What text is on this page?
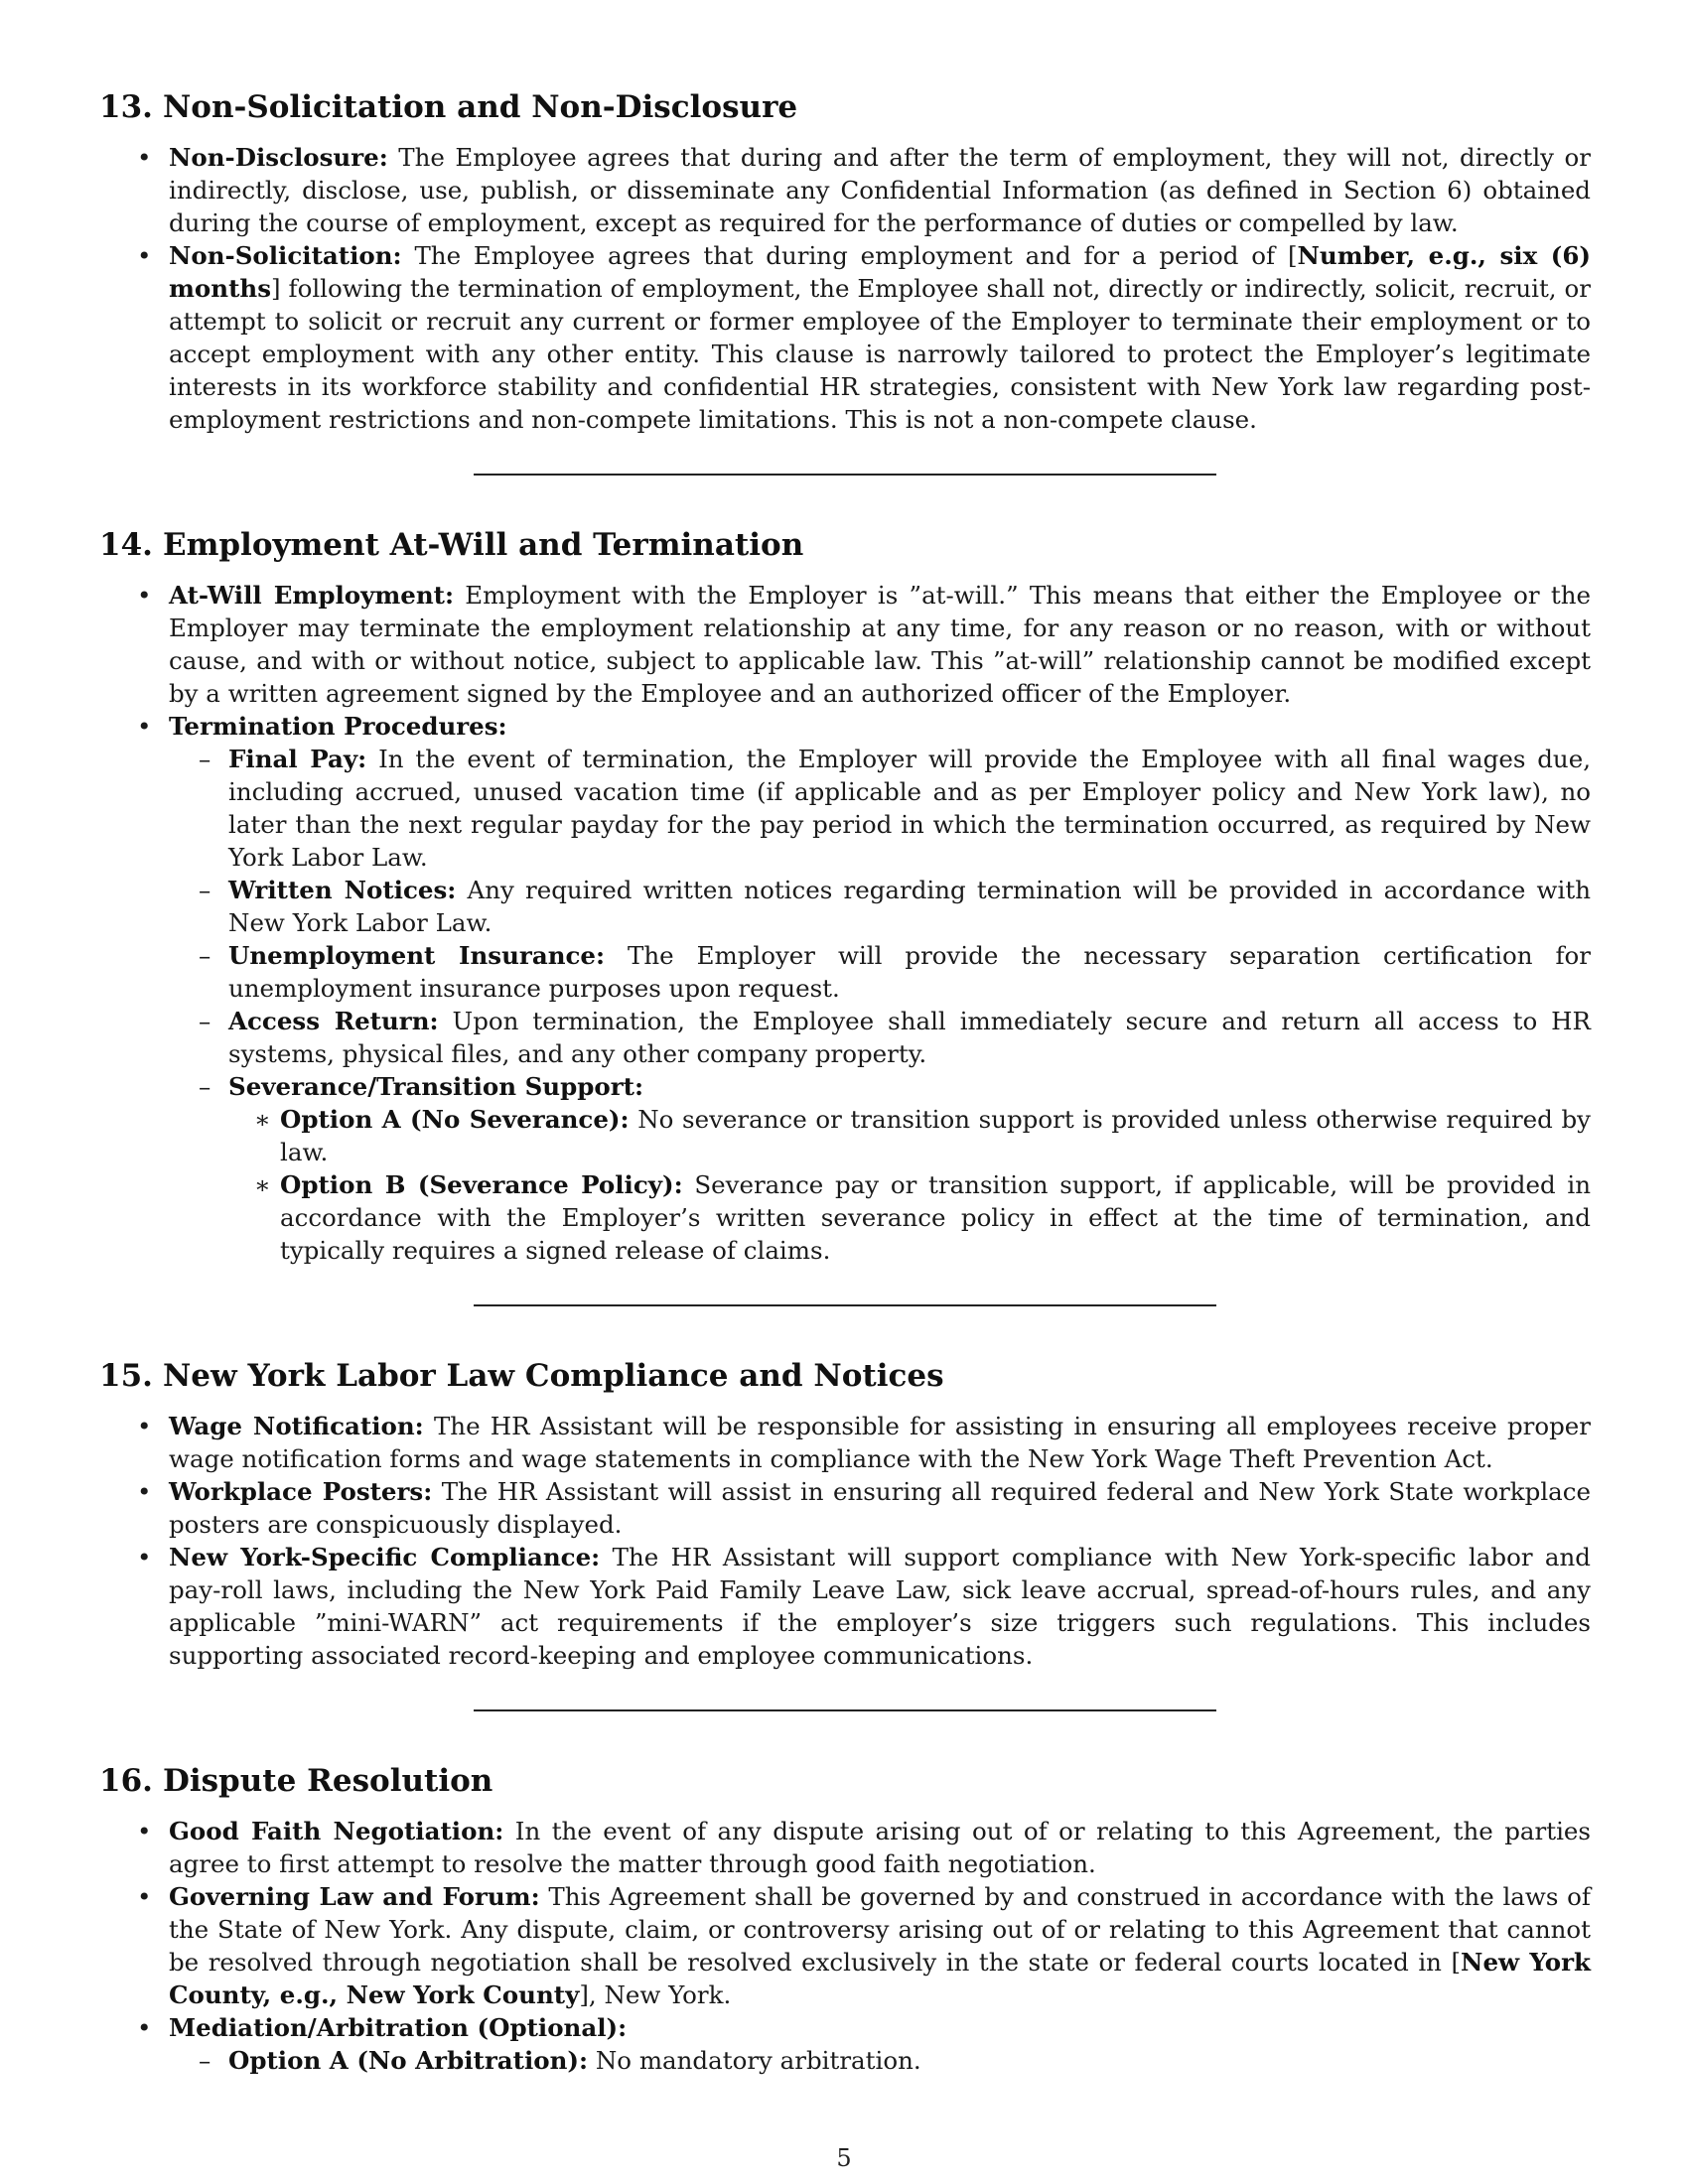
13. Non-Solicitation and Non-Disclosure
• Non-Disclosure: The Employee agrees that during and after the term of employment, they will not, directly or indirectly, disclose, use, publish, or disseminate any Confidential Information (as defined in Section 6) obtained during the course of employment, except as required for the performance of duties or compelled by law.
• Non-Solicitation: The Employee agrees that during employment and for a period of [Number, e.g., six (6) months] following the termination of employment, the Employee shall not, directly or indirectly, solicit, recruit, or attempt to solicit or recruit any current or former employee of the Employer to terminate their employment or to accept employment with any other entity. This clause is narrowly tailored to protect the Employer’s legitimate interests in its workforce stability and confidential HR strategies, consistent with New York law regarding post-employment restrictions and non-compete limitations. This is not a non-compete clause.
14. Employment At-Will and Termination
• At-Will Employment: Employment with the Employer is ”at-will.” This means that either the Employee or the Employer may terminate the employment relationship at any time, for any reason or no reason, with or without cause, and with or without notice, subject to applicable law. This ”at-will” relationship cannot be modified except by a written agreement signed by the Employee and an authorized officer of the Employer.
• Termination Procedures:
– Final Pay: In the event of termination, the Employer will provide the Employee with all final wages due, including accrued, unused vacation time (if applicable and as per Employer policy and New York law), no later than the next regular payday for the pay period in which the termination occurred, as required by New York Labor Law.
– Written Notices: Any required written notices regarding termination will be provided in accordance with New York Labor Law.
– Unemployment Insurance: The Employer will provide the necessary separation certification for unemployment insurance purposes upon request.
– Access Return: Upon termination, the Employee shall immediately secure and return all access to HR systems, physical files, and any other company property.
– Severance/Transition Support:
∗ Option A (No Severance): No severance or transition support is provided unless otherwise required by law.
∗ Option B (Severance Policy): Severance pay or transition support, if applicable, will be provided in accordance with the Employer’s written severance policy in effect at the time of termination, and typically requires a signed release of claims.
15. New York Labor Law Compliance and Notices
• Wage Notification: The HR Assistant will be responsible for assisting in ensuring all employees receive proper wage notification forms and wage statements in compliance with the New York Wage Theft Prevention Act.
• Workplace Posters: The HR Assistant will assist in ensuring all required federal and New York State workplace posters are conspicuously displayed.
• New York-Specific Compliance: The HR Assistant will support compliance with New York-specific labor and pay-roll laws, including the New York Paid Family Leave Law, sick leave accrual, spread-of-hours rules, and any applicable ”mini-WARN” act requirements if the employer’s size triggers such regulations. This includes supporting associated record-keeping and employee communications.
16. Dispute Resolution
• Good Faith Negotiation: In the event of any dispute arising out of or relating to this Agreement, the parties agree to first attempt to resolve the matter through good faith negotiation.
• Governing Law and Forum: This Agreement shall be governed by and construed in accordance with the laws of the State of New York. Any dispute, claim, or controversy arising out of or relating to this Agreement that cannot be resolved through negotiation shall be resolved exclusively in the state or federal courts located in [New York County, e.g., New York County], New York.
• Mediation/Arbitration (Optional):
– Option A (No Arbitration): No mandatory arbitration.
5
